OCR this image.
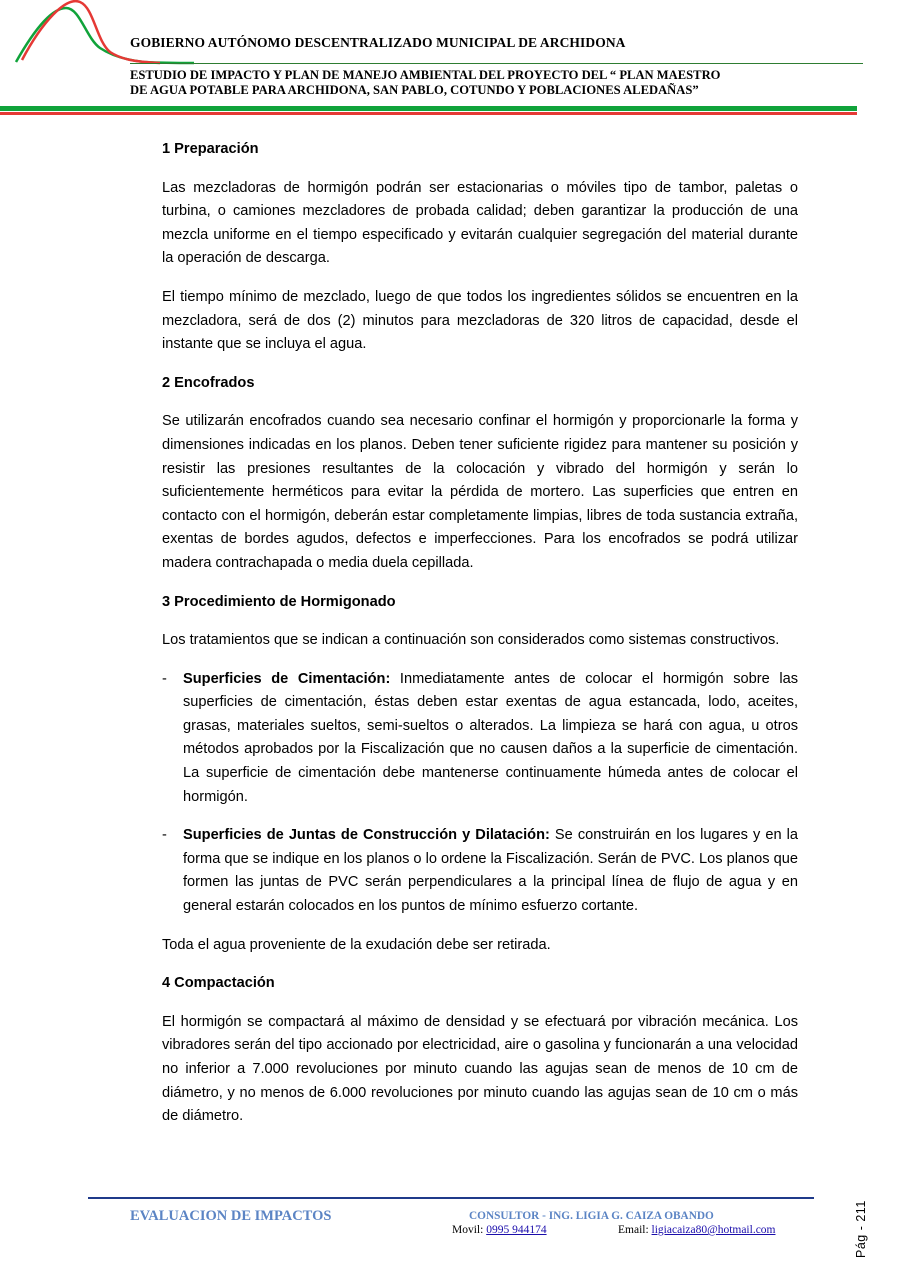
GOBIERNO AUTÓNOMO DESCENTRALIZADO MUNICIPAL DE ARCHIDONA
ESTUDIO DE IMPACTO Y PLAN DE MANEJO AMBIENTAL DEL PROYECTO DEL “ PLAN MAESTRO
DE AGUA POTABLE PARA ARCHIDONA, SAN PABLO, COTUNDO Y POBLACIONES ALEDAÑAS”
1 Preparación

Las mezcladoras de hormigón podrán ser estacionarias o móviles tipo de tambor, paletas o turbina, o camiones mezcladores de probada calidad; deben garantizar la producción de una mezcla uniforme en el tiempo especificado y evitarán cualquier segregación del material durante la operación de descarga.

El tiempo mínimo de mezclado, luego de que todos los ingredientes sólidos se encuentren en la mezcladora, será de dos (2) minutos para mezcladoras de 320 litros de capacidad, desde el instante que se incluya el agua.

2 Encofrados

Se utilizarán encofrados cuando sea necesario confinar el hormigón y proporcionarle la forma y dimensiones indicadas en los planos. Deben tener suficiente rigidez para mantener su posición y resistir las presiones resultantes de la colocación y vibrado del hormigón y serán lo suficientemente herméticos para evitar la pérdida de mortero. Las superficies que entren en contacto con el hormigón, deberán estar completamente limpias, libres de toda sustancia extraña, exentas de bordes agudos, defectos e imperfecciones. Para los encofrados se podrá utilizar madera contrachapada o media duela cepillada.

3 Procedimiento de Hormigonado

Los tratamientos que se indican a continuación son considerados como sistemas constructivos.

- Superficies de Cimentación: Inmediatamente antes de colocar el hormigón sobre las superficies de cimentación, éstas deben estar exentas de agua estancada, lodo, aceites, grasas, materiales sueltos, semi-sueltos o alterados. La limpieza se hará con agua, u otros métodos aprobados por la Fiscalización que no causen daños a la superficie de cimentación. La superficie de cimentación debe mantenerse continuamente húmeda antes de colocar el hormigón.
- Superficies de Juntas de Construcción y Dilatación: Se construirán en los lugares y en la forma que se indique en los planos o lo ordene la Fiscalización. Serán de PVC. Los planos que formen las juntas de PVC serán perpendiculares a la principal línea de flujo de agua y en general estarán colocados en los puntos de mínimo esfuerzo cortante.

Toda el agua proveniente de la exudación debe ser retirada.

4 Compactación

El hormigón se compactará al máximo de densidad y se efectuará por vibración mecánica. Los vibradores serán del tipo accionado por electricidad, aire o gasolina y funcionarán a una velocidad no inferior a 7.000 revoluciones por minuto cuando las agujas sean de menos de 10 cm de diámetro, y no menos de 6.000 revoluciones por minuto cuando las agujas sean de 10 cm o más de diámetro.

EVALUACION DE IMPACTOS	CONSULTOR - ING. LIGIA G. CAIZA OBANDO
Movil: 0995 944174	Email: ligiacaiza80@hotmail.com	Pág - 211
